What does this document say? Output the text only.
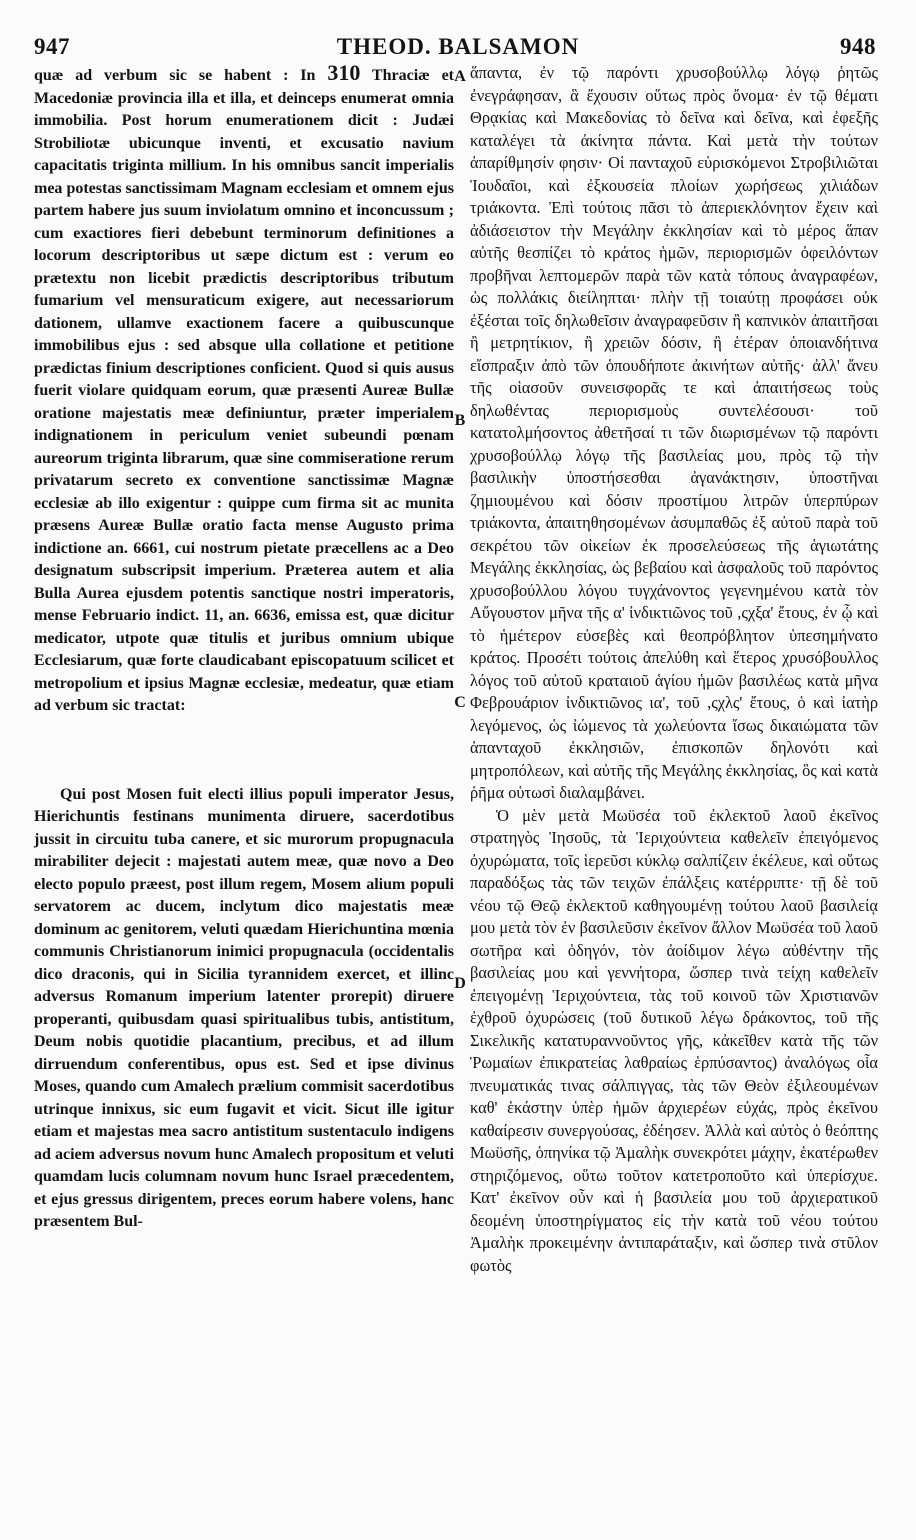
947	THEOD. BALSAMON	948

quæ ad verbum sic se habent : In 310 Thraciæ et Macedoniæ provincia illa et illa, et deinceps enumerat omnia immobilia. Post horum enumerationem dicit : Judæi Strobiliotæ ubicunque inventi, et excusatio navium capacitatis triginta millium. In his omnibus sancit imperialis mea potestas sanctissimam Magnam ecclesiam et omnem ejus partem habere jus suum inviolatum omnino et inconcussum ; cum exactiores fieri debebunt terminorum definitiones a locorum descriptoribus ut sæpe dictum est : verum eo prætextu non licebit prædictis descriptoribus tributum fumarium vel mensuraticum exigere, aut necessariorum dationem, ullamve exactionem facere a quibuscunque immobilibus ejus : sed absque ulla collatione et petitione prædictas finium descriptiones conficient. Quod si quis ausus fuerit violare quidquam eorum, quæ præsenti Aureæ Bullæ oratione majestatis meæ definiuntur, præter imperialem indignationem in periculum veniet subeundi pœnam aureorum triginta librarum, quæ sine commiseratione rerum privatarum secreto ex conventione sanctissimæ Magnæ ecclesiæ ab illo exigentur : quippe cum firma sit ac munita præsens Aureæ Bullæ oratio facta mense Augusto prima indictione an. 6661, cui nostrum pietate præcellens ac a Deo designatum subscripsit imperium. Præterea autem et alia Bulla Aurea ejusdem potentis sanctique nostri imperatoris, mense Februario indict. 11, an. 6636, emissa est, quæ dicitur medicator, utpote quæ titulis et juribus omnium ubique Ecclesiarum, quæ forte claudicabant episcopatuum scilicet et metropolium et ipsius Magnæ ecclesiæ, medeatur, quæ etiam ad verbum sic tractat:

Qui post Mosen fuit electi illius populi imperator Jesus, Hierichuntis festinans munimenta diruere, sacerdotibus jussit in circuitu tuba canere, et sic murorum propugnacula mirabiliter dejecit : majestati autem meæ, quæ novo a Deo electo populo præest, post illum regem, Mosem alium populi servatorem ac ducem, inclytum dico majestatis meæ dominum ac genitorem, veluti quædam Hierichuntina mœnia communis Christianorum inimici propugnacula (occidentalis dico draconis, qui in Sicilia tyrannidem exercet, et illinc adversus Romanum imperium latenter prorepit) diruere properanti, quibusdam quasi spiritualibus tubis, antistitum, Deum nobis quotidie placantium, precibus, et ad illum dirruendum conferentibus, opus est. Sed et ipse divinus Moses, quando cum Amalech prælium commisit sacerdotibus utrinque innixus, sic eum fugavit et vicit. Sicut ille igitur etiam et majestas mea sacro antistitum sustentaculo indigens ad aciem adversus novum hunc Amalech propositum et veluti quamdam lucis columnam novum hunc Israel præcedentem, et ejus gressus dirigentem, preces eorum habere volens, hanc præsentem Bul-

A
B
C
D

ἅπαντα, ἐν τῷ παρόντι χρυσοβούλλῳ λόγῳ ῥητῶς ἐνεγράφησαν, ἃ ἔχουσιν οὕτως πρὸς ὄνομα· ἐν τῷ θέματι Θρᾳκίας καὶ Μακεδονίας τὸ δεῖνα καὶ δεῖνα, καὶ ἐφεξῆς καταλέγει τὰ ἀκίνητα πάντα. Καὶ μετὰ τὴν τούτων ἀπαρίθμησίν φησιν· Οἱ πανταχοῦ εὑρισκόμενοι Στροβιλιῶται Ἰουδαῖοι, καὶ ἐξκουσεία πλοίων χωρήσεως χιλιάδων τριάκοντα. Ἐπὶ τούτοις πᾶσι τὸ ἀπεριεκλόνητον ἔχειν καὶ ἀδιάσειστον τὴν Μεγάλην ἐκκλησίαν καὶ τὸ μέρος ἅπαν αὐτῆς θεσπίζει τὸ κράτος ἡμῶν, περιορισμῶν ὀφειλόντων προβῆναι λεπτομερῶν παρὰ τῶν κατὰ τόπους ἀναγραφέων, ὡς πολλάκις διείληπται· πλὴν τῇ τοιαύτῃ προφάσει οὐκ ἐξέσται τοῖς δηλωθεῖσιν ἀναγραφεῦσιν ἢ καπνικὸν ἀπαιτῆσαι ἢ μετρητίκιον, ἢ χρειῶν δόσιν, ἢ ἑτέραν ὁποιανδήτινα εἴσπραξιν ἀπὸ τῶν ὁπουδήποτε ἀκινήτων αὐτῆς· ἀλλ' ἄνευ τῆς οἱασοῦν συνεισφορᾶς τε καὶ ἀπαιτήσεως τοὺς δηλωθέντας περιορισμοὺς συντελέσουσι· τοῦ κατατολμήσοντος ἀθετῆσαί τι τῶν διωρισμένων τῷ παρόντι χρυσοβούλλῳ λόγῳ τῆς βασιλείας μου, πρὸς τῷ τὴν βασιλικὴν ὑποστήσεσθαι ἀγανάκτησιν, ὑποστῆναι ζημιουμένου καὶ δόσιν προστίμου λιτρῶν ὑπερπύρων τριάκοντα, ἀπαιτηθησομένων ἀσυμπαθῶς ἐξ αὐτοῦ παρὰ τοῦ σεκρέτου τῶν οἰκείων ἐκ προσελεύσεως τῆς ἁγιωτάτης Μεγάλης ἐκκλησίας, ὡς βεβαίου καὶ ἀσφαλοῦς τοῦ παρόντος χρυσοβούλλου λόγου τυγχάνοντος γεγενημένου κατὰ τὸν Αὔγουστον μῆνα τῆς α' ἰνδικτιῶνος τοῦ ,ςχξα' ἔτους, ἐν ᾧ καὶ τὸ ἡμέτερον εὐσεβὲς καὶ θεοπρόβλητον ὑπεσημήνατο κράτος. Προσέτι τούτοις ἀπελύθη καὶ ἕτερος χρυσόβουλλος λόγος τοῦ αὐτοῦ κραταιοῦ ἁγίου ἡμῶν βασιλέως κατὰ μῆνα Φεβρουάριον ἰνδικτιῶνος ια', τοῦ ,ςχλς' ἔτους, ὁ καὶ ἰατὴρ λεγόμενος, ὡς ἰώμενος τὰ χωλεύοντα ἴσως δικαιώματα τῶν ἁπανταχοῦ ἐκκλησιῶν, ἐπισκοπῶν δηλονότι καὶ μητροπόλεων, καὶ αὐτῆς τῆς Μεγάλης ἐκκλησίας, ὃς καὶ κατὰ ῥῆμα οὑτωσὶ διαλαμβάνει.

Ὁ μὲν μετὰ Μωϋσέα τοῦ ἐκλεκτοῦ λαοῦ ἐκεῖνος στρατηγὸς Ἰησοῦς, τὰ Ἱεριχούντεια καθελεῖν ἐπειγόμενος ὀχυρώματα, τοῖς ἱερεῦσι κύκλῳ σαλπίζειν ἐκέλευε, καὶ οὕτως παραδόξως τὰς τῶν τειχῶν ἐπάλξεις κατέρριπτε· τῇ δὲ τοῦ νέου τῷ Θεῷ ἐκλεκτοῦ καθηγουμένῃ τούτου λαοῦ βασιλείᾳ μου μετὰ τὸν ἐν βασιλεῦσιν ἐκεῖνον ἄλλον Μωϋσέα τοῦ λαοῦ σωτῆρα καὶ ὁδηγόν, τὸν ἀοίδιμον λέγω αὐθέντην τῆς βασιλείας μου καὶ γεννήτορα, ὥσπερ τινὰ τείχη καθελεῖν ἐπειγομένῃ Ἱεριχούντεια, τὰς τοῦ κοινοῦ τῶν Χριστιανῶν ἐχθροῦ ὀχυρώσεις (τοῦ δυτικοῦ λέγω δράκοντος, τοῦ τῆς Σικελικῆς κατατυραννοῦντος γῆς, κἀκεῖθεν κατὰ τῆς τῶν Ῥωμαίων ἐπικρατείας λαθραίως ἑρπύσαντος) ἀναλόγως οἷα πνευματικάς τινας σάλπιγγας, τὰς τῶν Θεὸν ἐξιλεουμένων καθ' ἑκάστην ὑπὲρ ἡμῶν ἀρχιερέων εὐχάς, πρὸς ἐκεῖνου καθαίρεσιν συνεργούσας, ἐδέησεν. Ἀλλὰ καὶ αὐτὸς ὁ θεόπτης Μωϋσῆς, ὁπηνίκα τῷ Ἀμαλὴκ συνεκρότει μάχην, ἑκατέρωθεν στηριζόμενος, οὕτω τοῦτον κατετροποῦτο καὶ ὑπερίσχυε. Κατ' ἐκεῖνον οὖν καὶ ἡ βασιλεία μου τοῦ ἀρχιερατικοῦ δεομένη ὑποστηρίγματος εἰς τὴν κατὰ τοῦ νέου τούτου Ἀμαλὴκ προκειμένην ἀντιπαράταξιν, καὶ ὥσπερ τινὰ στῦλον φωτὸς
